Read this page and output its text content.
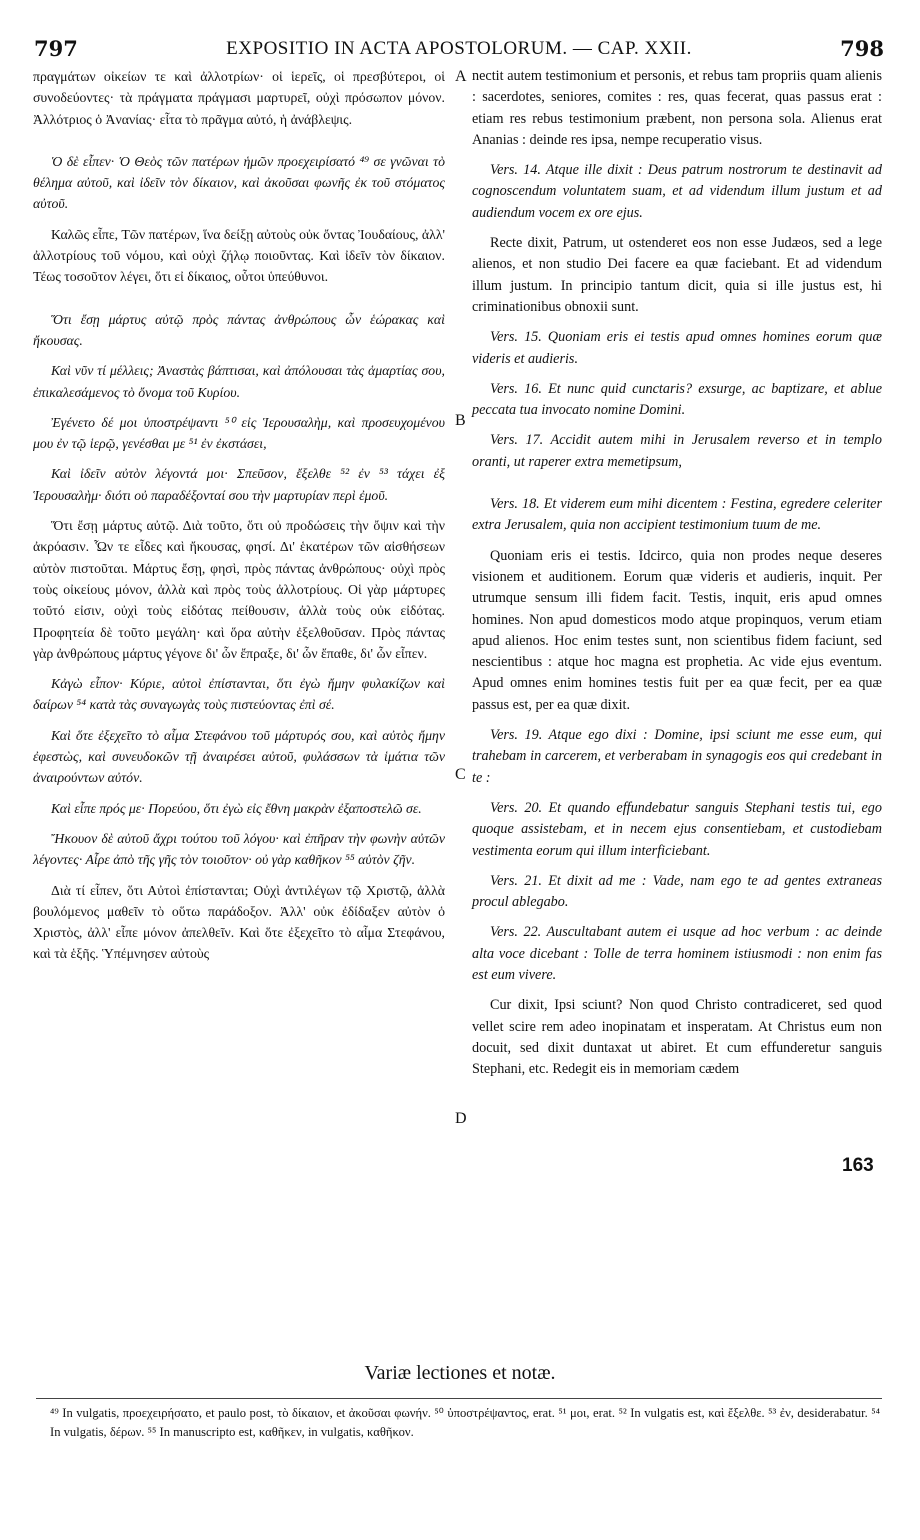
797	EXPOSITIO IN ACTA APOSTOLORUM. — CAP. XXII.	798

πραγμάτων οἰκείων τε καὶ ἀλλοτρίων· οἱ ἱερεῖς, οἱ πρεσβύτεροι, οἱ συνοδεύοντες· τὰ πράγματα πράγμασι μαρτυρεῖ, οὐχὶ πρόσωπον μόνον. Ἀλλότριος ὁ Ἀνανίας· εἶτα τὸ πρᾶγμα αὐτό, ἡ ἀνάβλεψις.

Ὁ δὲ εἶπεν· Ὁ Θεὸς τῶν πατέρων ἡμῶν προεχειρίσατό ⁴⁹ σε γνῶναι τὸ θέλημα αὐτοῦ, καὶ ἰδεῖν τὸν δίκαιον, καὶ ἀκοῦσαι φωνῆς ἐκ τοῦ στόματος αὐτοῦ.

Καλῶς εἶπε, Τῶν πατέρων, ἵνα δείξῃ αὐτοὺς οὐκ ὄντας Ἰουδαίους, ἀλλ' ἀλλοτρίους τοῦ νόμου, καὶ οὐχὶ ζήλῳ ποιοῦντας. Καὶ ἰδεῖν τὸν δίκαιον. Τέως τοσοῦτον λέγει, ὅτι εἰ δίκαιος, οὗτοι ὑπεύθυνοι.

Ὅτι ἔσῃ μάρτυς αὐτῷ πρὸς πάντας ἀνθρώπους ὧν ἑώρακας καὶ ἤκουσας.

Καὶ νῦν τί μέλλεις; Ἀναστὰς βάπτισαι, καὶ ἀπόλουσαι τὰς ἁμαρτίας σου, ἐπικαλεσάμενος τὸ ὄνομα τοῦ Κυρίου.

Ἐγένετο δέ μοι ὑποστρέψαντι ⁵⁰ εἰς Ἱερουσαλὴμ, καὶ προσευχομένου μου ἐν τῷ ἱερῷ, γενέσθαι με ⁵¹ ἐν ἐκστάσει,

Καὶ ἰδεῖν αὐτὸν λέγοντά μοι· Σπεῦσον, ἔξελθε ⁵² ἐν ⁵³ τάχει ἐξ Ἱερουσαλὴμ· διότι οὐ παραδέξονταί σου τὴν μαρτυρίαν περὶ ἐμοῦ.

Ὅτι ἔσῃ μάρτυς αὐτῷ. Διὰ τοῦτο, ὅτι οὐ προδώσεις τὴν ὄψιν καὶ τὴν ἀκρόασιν. Ὧν τε εἶδες καὶ ἤκουσας, φησί. Δι' ἑκατέρων τῶν αἰσθήσεων αὐτὸν πιστοῦται. Μάρτυς ἔσῃ, φησὶ, πρὸς πάντας ἀνθρώπους· οὐχὶ πρὸς τοὺς οἰκείους μόνον, ἀλλὰ καὶ πρὸς τοὺς ἀλλοτρίους. Οἱ γὰρ μάρτυρες τοῦτό εἰσιν, οὐχὶ τοὺς εἰδότας πείθουσιν, ἀλλὰ τοὺς οὐκ εἰδότας. Προφητεία δὲ τοῦτο μεγάλη· καὶ ὅρα αὐτὴν ἐξελθοῦσαν. Πρὸς πάντας γὰρ ἀνθρώπους μάρτυς γέγονε δι' ὧν ἔπραξε, δι' ὧν ἔπαθε, δι' ὧν εἶπεν.

Κἀγὼ εἶπον· Κύριε, αὐτοὶ ἐπίστανται, ὅτι ἐγὼ ἤμην φυλακίζων καὶ δαίρων ⁵⁴ κατὰ τὰς συναγωγὰς τοὺς πιστεύοντας ἐπὶ σέ.

Καὶ ὅτε ἐξεχεῖτο τὸ αἷμα Στεφάνου τοῦ μάρτυρός σου, καὶ αὐτὸς ἤμην ἐφεστὼς, καὶ συνευδοκῶν τῇ ἀναιρέσει αὐτοῦ, φυλάσσων τὰ ἱμάτια τῶν ἀναιρούντων αὐτόν.

Καὶ εἶπε πρός με· Πορεύου, ὅτι ἐγὼ εἰς ἔθνη μακρὰν ἐξαποστελῶ σε.

Ἤκουον δὲ αὐτοῦ ἄχρι τούτου τοῦ λόγου· καὶ ἐπῆραν τὴν φωνὴν αὐτῶν λέγοντες· Αἶρε ἀπὸ τῆς γῆς τὸν τοιοῦτον· οὐ γὰρ καθῆκον ⁵⁵ αὐτὸν ζῆν.

Διὰ τί εἶπεν, ὅτι Αὐτοὶ ἐπίστανται; Οὐχὶ ἀντιλέγων τῷ Χριστῷ, ἀλλὰ βουλόμενος μαθεῖν τὸ οὕτω παράδοξον. Ἀλλ' οὐκ ἐδίδαξεν αὐτὸν ὁ Χριστὸς, ἀλλ' εἶπε μόνον ἀπελθεῖν. Καὶ ὅτε ἐξεχεῖτο τὸ αἷμα Στεφάνου, καὶ τὰ ἑξῆς. Ὑπέμνησεν αὐτοὺς

nectit autem testimonium et personis, et rebus tam propriis quam alienis : sacerdotes, seniores, comites : res, quas fecerat, quas passus erat : etiam res rebus testimonium præbent, non persona sola. Alienus erat Ananias : deinde res ipsa, nempe recuperatio visus.

Vers. 14. Atque ille dixit : Deus patrum nostrorum te destinavit ad cognoscendum voluntatem suam, et ad videndum illum justum et ad audiendum vocem ex ore ejus.

Recte dixit, Patrum, ut ostenderet eos non esse Judæos, sed a lege alienos, et non studio Dei facere ea quæ faciebant. Et ad videndum illum justum. In principio tantum dicit, quia si ille justus est, hi criminationibus obnoxii sunt.

Vers. 15. Quoniam eris ei testis apud omnes homines eorum quæ videris et audieris.

Vers. 16. Et nunc quid cunctaris? exsurge, ac baptizare, et ablue peccata tua invocato nomine Domini.

Vers. 17. Accidit autem mihi in Jerusalem reverso et in templo oranti, ut raperer extra memetipsum,

Vers. 18. Et viderem eum mihi dicentem : Festina, egredere celeriter extra Jerusalem, quia non accipient testimonium tuum de me.

Quoniam eris ei testis. Idcirco, quia non prodes neque deseres visionem et auditionem. Eorum quæ videris et audieris, inquit. Per utrumque sensum illi fidem facit. Testis, inquit, eris apud omnes homines. Non apud domesticos modo atque propinquos, verum etiam apud alienos. Hoc enim testes sunt, non scientibus fidem faciunt, sed nescientibus : atque hoc magna est prophetia. Ac vide ejus eventum. Apud omnes enim homines testis fuit per ea quæ fecit, per ea quæ passus est, per ea quæ dixit.

Vers. 19. Atque ego dixi : Domine, ipsi sciunt me esse eum, qui trahebam in carcerem, et verberabam in synagogis eos qui credebant in te :

Vers. 20. Et quando effundebatur sanguis Stephani testis tui, ego quoque assistebam, et in necem ejus consentiebam, et custodiebam vestimenta eorum qui illum interficiebant.

Vers. 21. Et dixit ad me : Vade, nam ego te ad gentes extraneas procul ablegabo.

Vers. 22. Auscultabant autem ei usque ad hoc verbum : ac deinde alta voce dicebant : Tolle de terra hominem istiusmodi : non enim fas est eum vivere.

Cur dixit, Ipsi sciunt? Non quod Christo contradiceret, sed quod vellet scire rem adeo inopinatam et insperatam. At Christus eum non docuit, sed dixit duntaxat ut abiret. Et cum effunderetur sanguis Stephani, etc. Redegit eis in memoriam cædem

A
B
C
D
163
Variæ lectiones et notæ.
⁴⁹ In vulgatis, προεχειρήσατο, et paulo post, τὸ δίκαιον, et ἀκοῦσαι φωνήν. ⁵⁰ ὑποστρέψαντος, erat. ⁵¹ μοι, erat. ⁵² In vulgatis est, καὶ ἔξελθε. ⁵³ ἐν, desiderabatur. ⁵⁴ In vulgatis, δέρων. ⁵⁵ In manuscripto est, καθῆκεν, in vulgatis, καθῆκον.
